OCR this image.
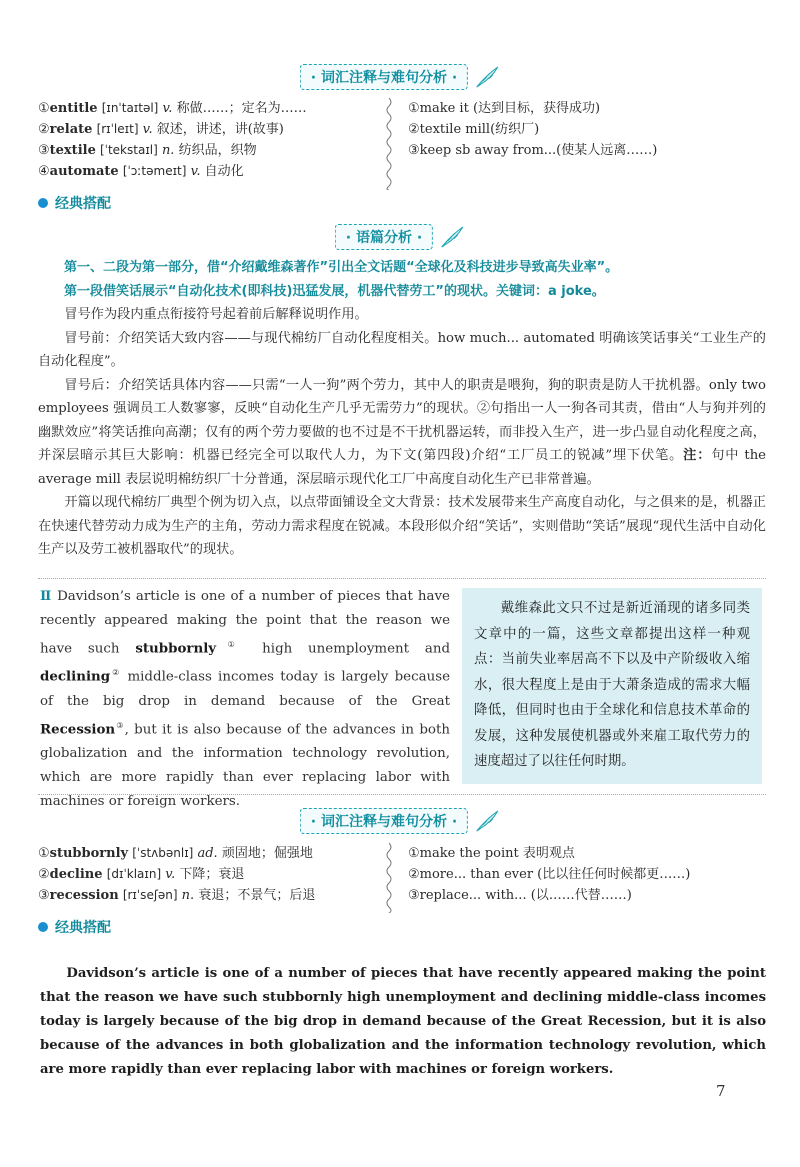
· 词汇注释与难句分析 ·
①entitle [ɪnˈtaɪtəl] v. 称做……；定名为……
②relate [rɪˈleɪt] v. 叙述，讲述，讲(故事)
③textile [ˈtekstaɪl] n. 纺织品，织物
④automate [ˈɔːtəmeɪt] v. 自动化
①make it (达到目标，获得成功)
②textile mill(纺织厂)
③keep sb away from...(使某人远离……)
经典搭配
· 语篇分析 ·

第一、二段为第一部分，借“介绍戴维森著作”引出全文话题“全球化及科技进步导致高失业率”。

第一段借笑话展示“自动化技术(即科技)迅猛发展，机器代替劳工”的现状。关键词：a joke。

冒号作为段内重点衔接符号起着前后解释说明作用。

冒号前：介绍笑话大致内容——与现代棉纺厂自动化程度相关。how much... automated 明确该笑话事关“工业生产的自动化程度”。

冒号后：介绍笑话具体内容——只需“一人一狗”两个劳力，其中人的职责是喂狗，狗的职责是防人干扰机器。only two employees 强调员工人数寥寥，反映“自动化生产几乎无需劳力”的现状。②句指出一人一狗各司其责，借由“人与狗并列的幽默效应”将笑话推向高潮；仅有的两个劳力要做的也不过是不干扰机器运转，而非投入生产，进一步凸显自动化程度之高，并深层暗示其巨大影响：机器已经完全可以取代人力，为下文(第四段)介绍“工厂员工的锐减”埋下伏笔。注：句中 the average mill 表层说明棉纺织厂十分普通，深层暗示现代化工厂中高度自动化生产已非常普遍。

开篇以现代棉纺厂典型个例为切入点，以点带面铺设全文大背景：技术发展带来生产高度自动化，与之俱来的是，机器正在快速代替劳动力成为生产的主角，劳动力需求程度在锐减。本段形似介绍“笑话”，实则借助“笑话”展现“现代生活中自动化生产以及劳工被机器取代”的现状。

Ⅱ Davidson’s article is one of a number of pieces that have recently appeared making the point that the reason we have such stubbornly① high unemployment and declining② middle-class incomes today is largely because of the big drop in demand because of the Great Recession③, but it is also because of the advances in both globalization and the information technology revolution, which are more rapidly than ever replacing labor with machines or foreign workers.
戴维森此文只不过是新近涌现的诸多同类文章中的一篇，这些文章都提出这样一种观点：当前失业率居高不下以及中产阶级收入缩水，很大程度上是由于大萧条造成的需求大幅降低，但同时也由于全球化和信息技术革命的发展，这种发展使机器或外来雇工取代劳力的速度超过了以往任何时期。
· 词汇注释与难句分析 ·
①stubbornly [ˈstʌbənlɪ] ad. 顽固地；倔强地
②decline [dɪˈklaɪn] v. 下降；衰退
③recession [rɪˈseʃən] n. 衰退；不景气；后退
①make the point 表明观点
②more... than ever (比以往任何时候都更……)
③replace... with... (以……代替……)
经典搭配
Davidson’s article is one of a number of pieces that have recently appeared making the point that the reason we have such stubbornly high unemployment and declining middle-class incomes today is largely because of the big drop in demand because of the Great Recession, but it is also because of the advances in both globalization and the information technology revolution, which are more rapidly than ever replacing labor with machines or foreign workers.
7
